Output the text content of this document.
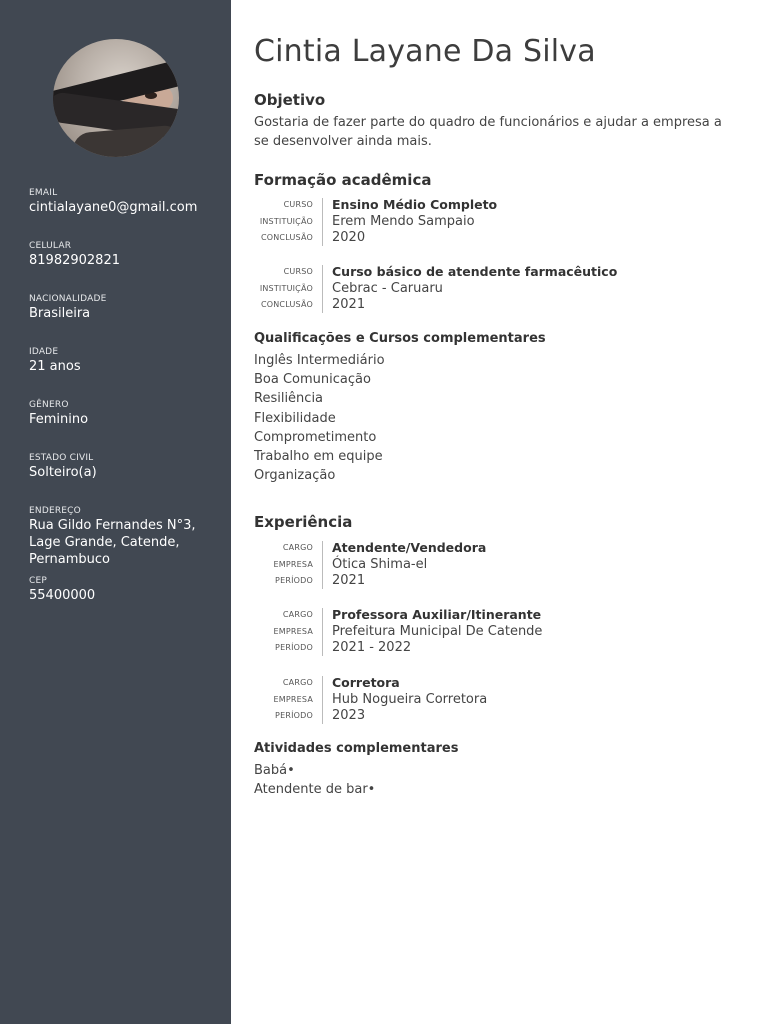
EMAIL
cintialayane0@gmail.com
CELULAR
81982902821
NACIONALIDADE
Brasileira
IDADE
21 anos
GÊNERO
Feminino
ESTADO CIVIL
Solteiro(a)
ENDEREÇO
Rua Gildo Fernandes N°3, Lage Grande, Catende, Pernambuco
CEP
55400000
Cintia Layane Da Silva
Objetivo
Gostaria de fazer parte do quadro de funcionários e ajudar a empresa a se desenvolver ainda mais.
Formação acadêmica
CURSO
INSTITUIÇÃO
CONCLUSÃO
Ensino Médio Completo
Erem Mendo Sampaio
2020
CURSO
INSTITUIÇÃO
CONCLUSÃO
Curso básico de atendente farmacêutico
Cebrac - Caruaru
2021
Qualificações e Cursos complementares
Inglês Intermediário
Boa Comunicação
Resiliência
Flexibilidade
Comprometimento
Trabalho em equipe
Organização
Experiência
CARGO
EMPRESA
PERÍODO
Atendente/Vendedora
Ótica Shima-el
2021
CARGO
EMPRESA
PERÍODO
Professora Auxiliar/Itinerante
Prefeitura Municipal De Catende
2021 - 2022
CARGO
EMPRESA
PERÍODO
Corretora
Hub Nogueira Corretora
2023
Atividades complementares
Babá•
Atendente de bar•
